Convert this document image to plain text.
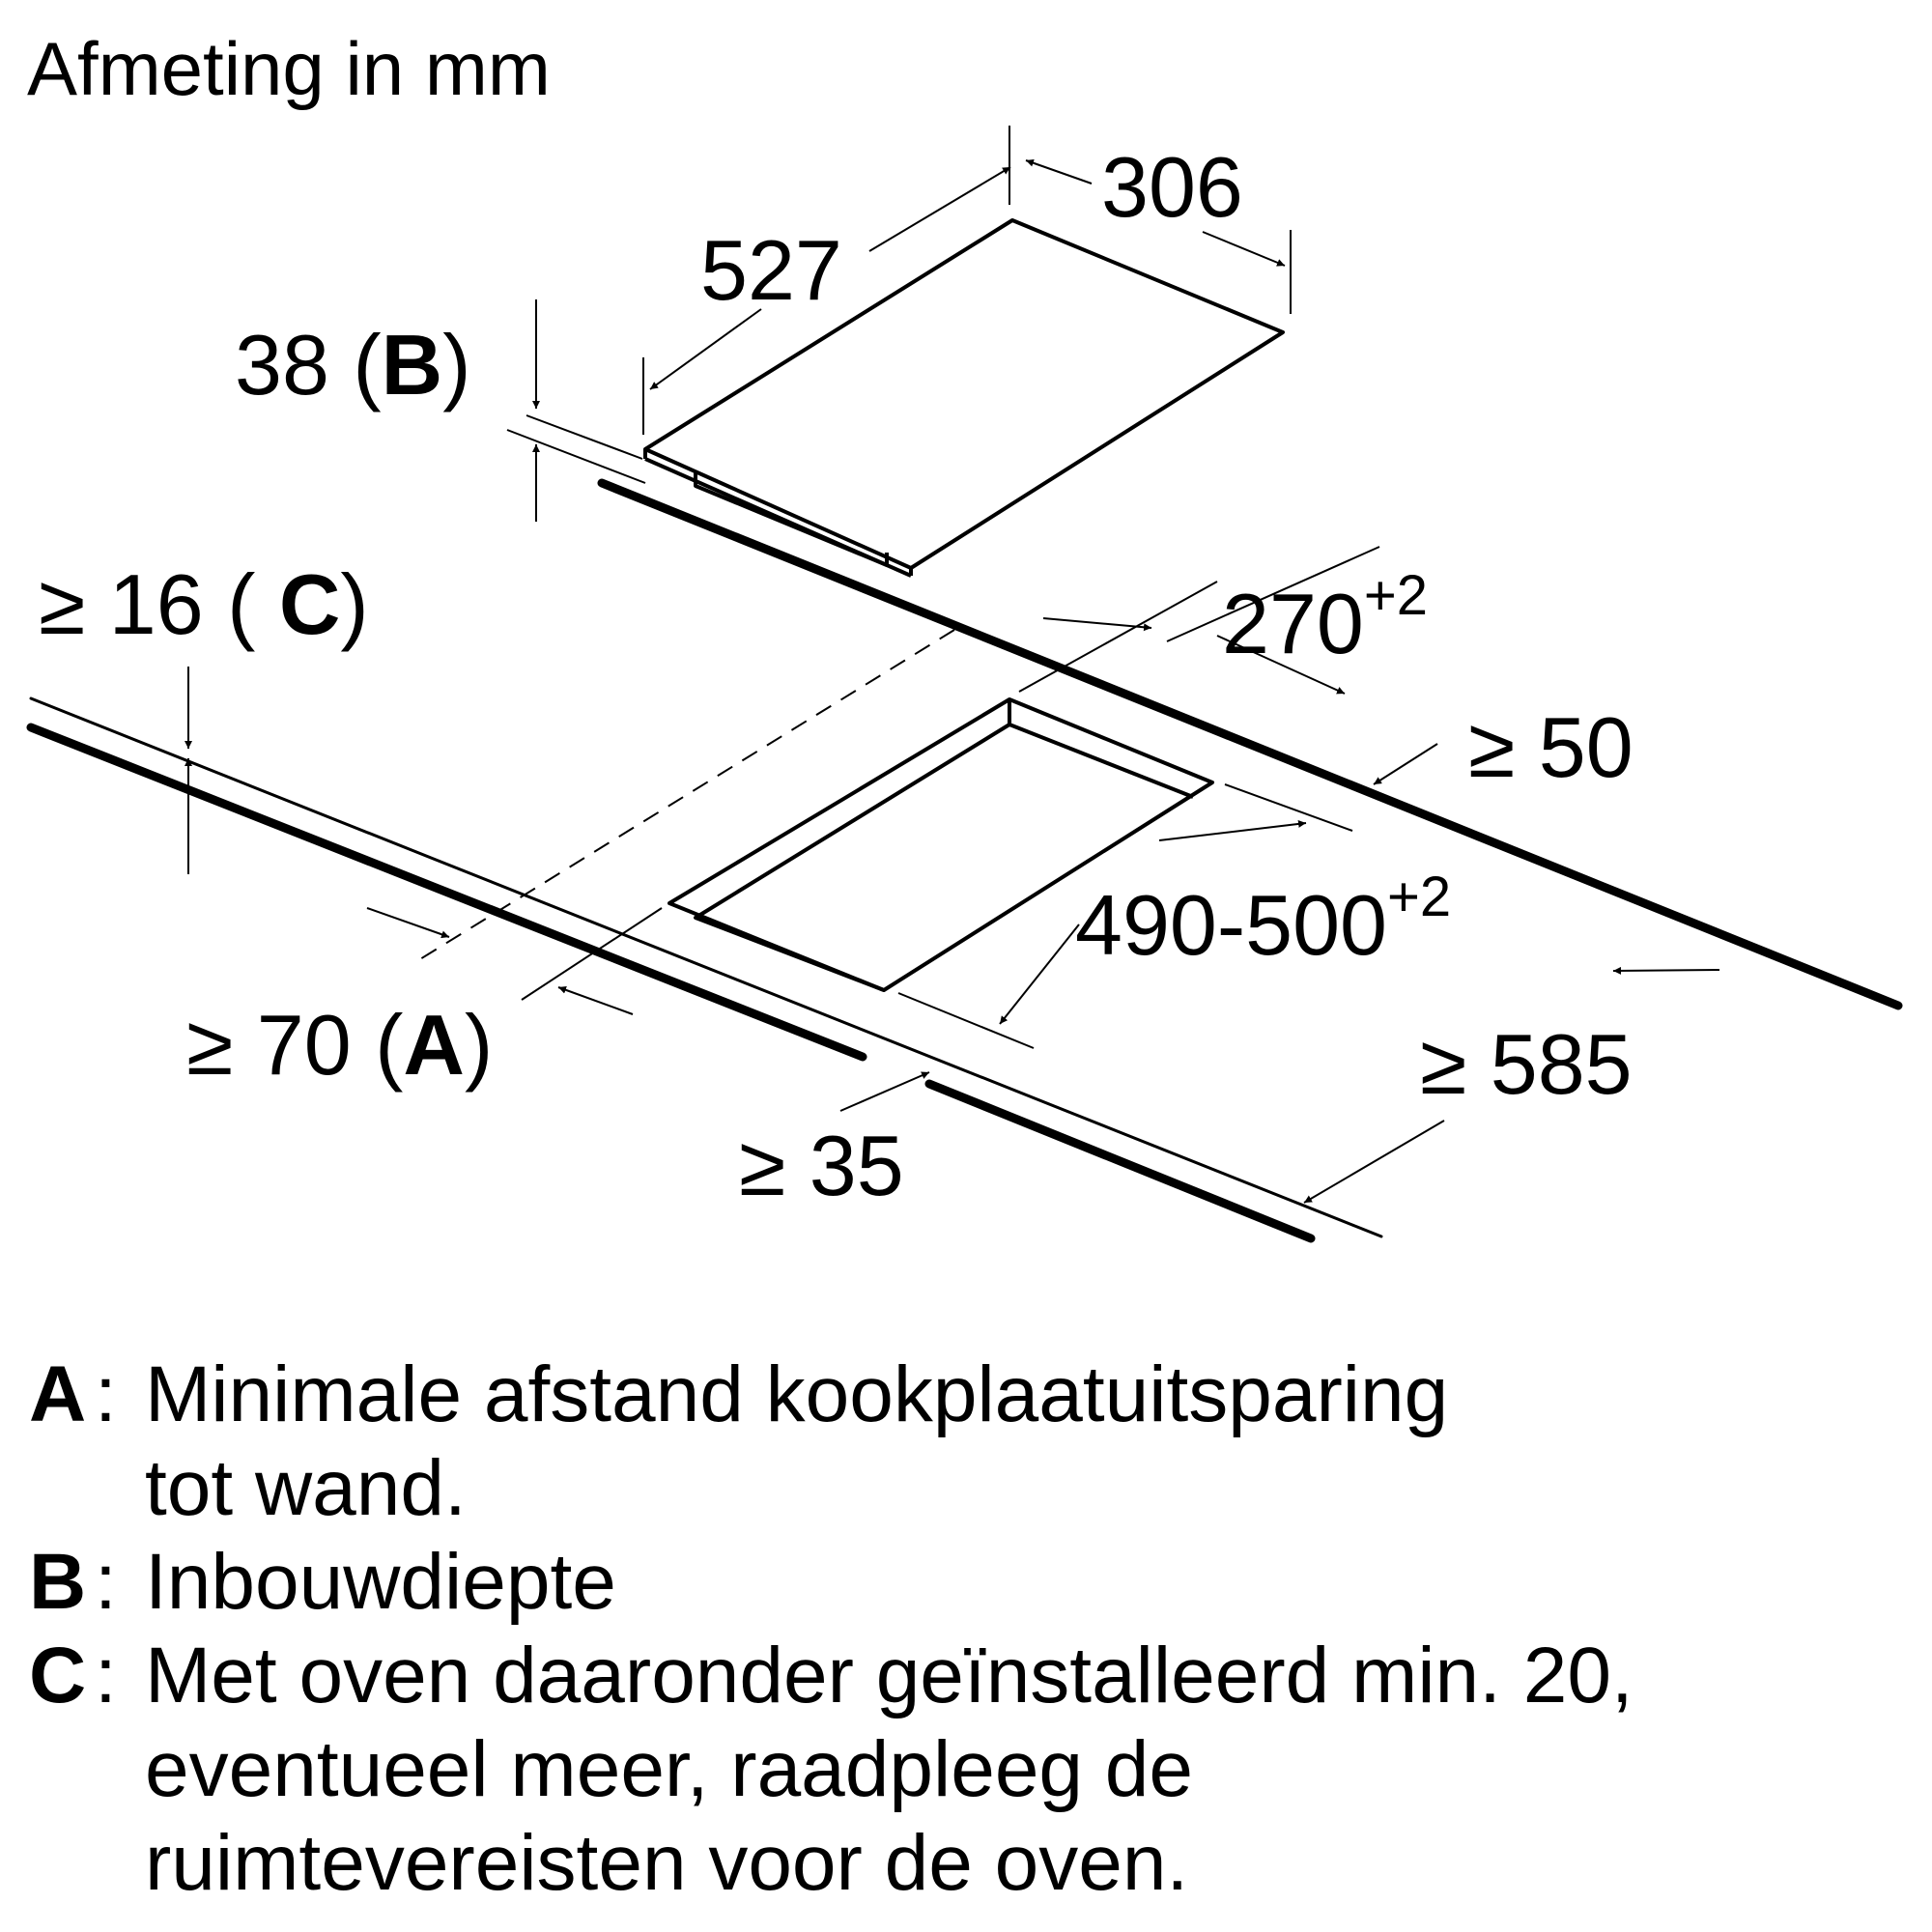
Afmeting in mm
306
527
38 (B)
≥ 16 ( C)	$270^{+2}$
≥ 50
$490-500^{+2}$
≥ 70 (A)	≥ 585
≥ 35
A : Minimale afstand kookplaatuitsparing
tot wand.
B : Inbouwdiepte
C : Met oven daaronder geïnstalleerd min. 20,
eventueel meer, raadpleeg de
ruimtevereisten voor de oven.
